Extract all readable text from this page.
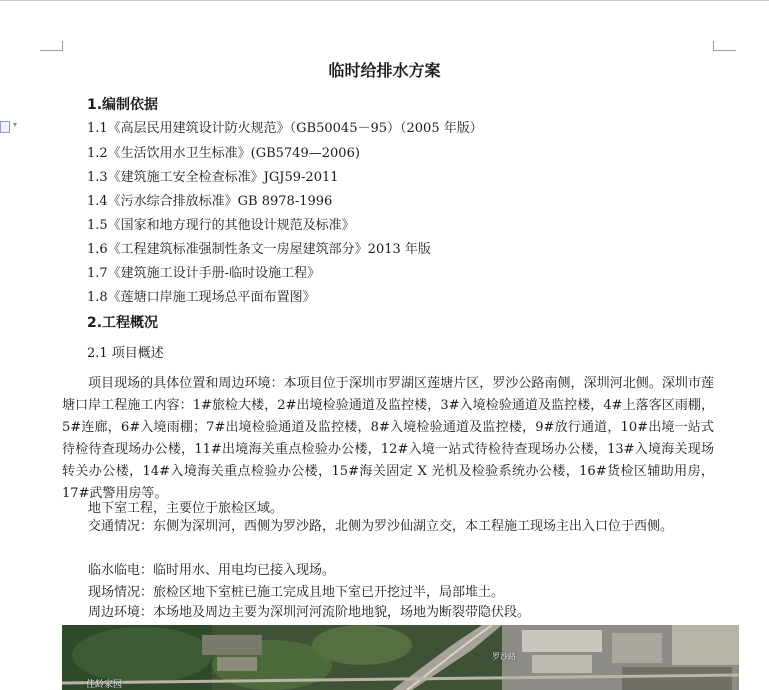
▾
临时给排水方案
1.编制依据
1.1《高层民用建筑设计防火规范》（GB50045－95）（2005 年版）
1.2《生活饮用水卫生标准》(GB5749—2006)
1.3《建筑施工安全检查标准》JGJ59-2011
1.4《污水综合排放标准》GB 8978-1996
1.5《国家和地方现行的其他设计规范及标准》
1.6《工程建筑标准强制性条文一房屋建筑部分》2013 年版
1.7《建筑施工设计手册-临时设施工程》
1.8《莲塘口岸施工现场总平面布置图》
2.工程概况
2.1 项目概述
项目现场的具体位置和周边环境：本项目位于深圳市罗湖区莲塘片区，罗沙公路南侧，深圳河北侧。深圳市莲塘口岸工程施工内容：1#旅检大楼，2#出境检验通道及监控楼，3#入境检验通道及监控楼，4#上落客区雨棚，5#连廊，6#入境雨棚；7#出境检验通道及监控楼，8#入境检验通道及监控楼，9#放行通道，10#出境一站式待检待查现场办公楼，11#出境海关重点检验办公楼，12#入境一站式待检待查现场办公楼，13#入境海关现场转关办公楼，14#入境海关重点检验办公楼，15#海关固定 X 光机及检验系统办公楼，16#货检区辅助用房，17#武警用房等。
地下室工程，主要位于旅检区域。
交通情况：东侧为深圳河，西侧为罗沙路，北侧为罗沙仙湖立交，本工程施工现场主出入口位于西侧。
临水临电：临时用水、用电均已接入现场。
现场情况：旅检区地下室桩已施工完成且地下室已开挖过半，局部堆土。
周边环境：本场地及周边主要为深圳河河流阶地地貌，场地为断裂带隐伏段。
佳龄家园
罗沙路
